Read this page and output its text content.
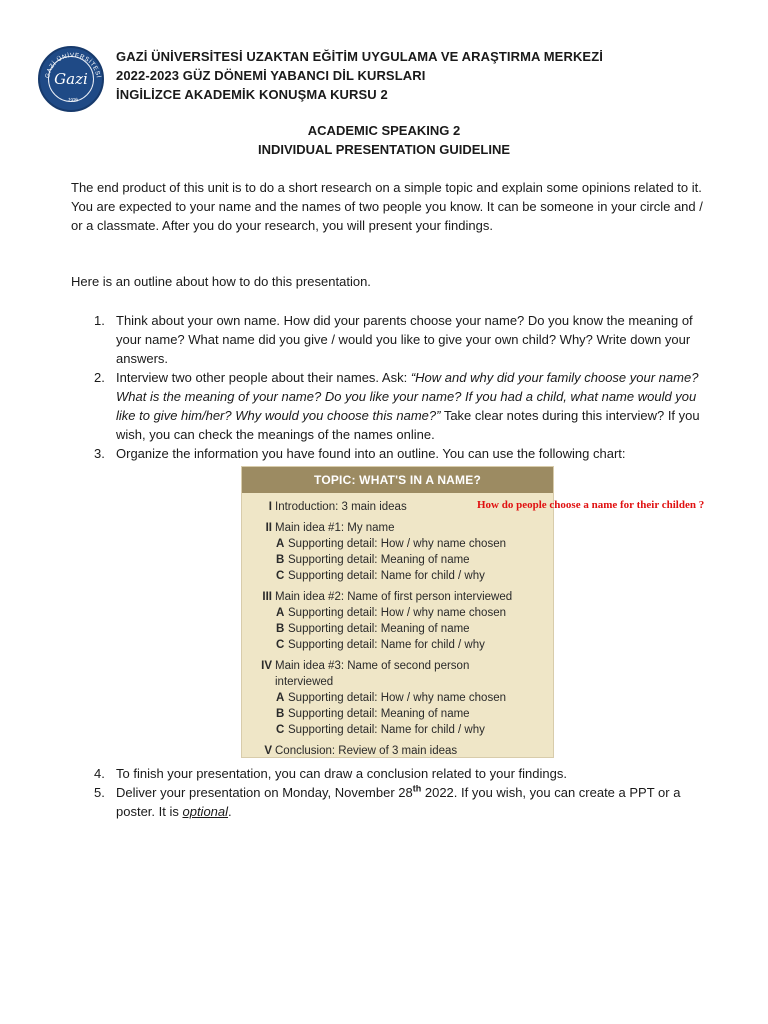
GAZİ ÜNİVERSİTESİ
1926
Gazi
GAZİ ÜNİVERSİTESİ UZAKTAN EĞİTİM UYGULAMA VE ARAŞTIRMA MERKEZİ
2022-2023 GÜZ DÖNEMİ YABANCI DİL KURSLARI
İNGİLİZCE AKADEMİK KONUŞMA KURSU 2
ACADEMIC SPEAKING 2
INDIVIDUAL PRESENTATION GUIDELINE
The end product of this unit is to do a short research on a simple topic and explain some opinions related to it. You are expected to your name and the names of two people you know. It can be someone in your circle and / or a classmate. After you do your research, you will present your findings.
Here is an outline about how to do this presentation.
1. Think about your own name. How did your parents choose your name? Do you know the meaning of your name? What name did you give / would you like to give your own child? Why? Write down your answers.
2. Interview two other people about their names. Ask: “How and why did your family choose your name? What is the meaning of your name? Do you like your name? If you had a child, what name would you like to give him/her? Why would you choose this name?” Take clear notes during this interview? If you wish, you can check the meanings of the names online.
3. Organize the information you have found into an outline. You can use the following chart:
TOPIC: WHAT'S IN A NAME?
I Introduction: 3 main ideas
II Main idea #1: My name
A Supporting detail: How / why name chosen
B Supporting detail: Meaning of name
C Supporting detail: Name for child / why
III Main idea #2: Name of first person interviewed
A Supporting detail: How / why name chosen
B Supporting detail: Meaning of name
C Supporting detail: Name for child / why
IV Main idea #3: Name of second person
interviewed
A Supporting detail: How / why name chosen
B Supporting detail: Meaning of name
C Supporting detail: Name for child / why
V Conclusion: Review of 3 main ideas
How do people choose a name for their childen ?
4. To finish your presentation, you can draw a conclusion related to your findings.
5. Deliver your presentation on Monday, November 28th 2022. If you wish, you can create a PPT or a poster. It is optional.
